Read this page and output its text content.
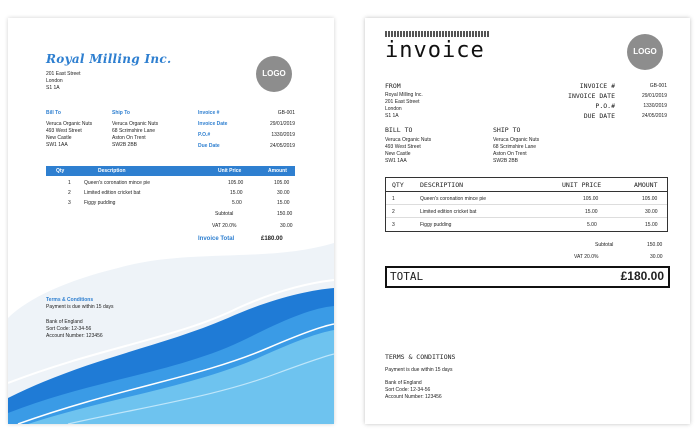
Royal Milling Inc.
201 East Street
London
S1 1A
LOGO
Bill To
Veruca Organic Nuts
493 West Street
New Castle
SW1 1AA
Ship To
Veruca Organic Nuts
68 Scrimshire Lane
Aston On Trent
SW2B 2BB
Invoice #	GB-001
Invoice Date	29/01/2019
P.O.#	1330/2019
Due Date	24/05/2019
Qty	Description	Unit Price	Amount
1	Queen's coronation mince pie	105.00	105.00
2	Limited edition cricket bat	15.00	30.00
3	Figgy pudding	5.00	15.00
Subtotal	150.00
VAT 20.0%	30.00
Invoice Total	£180.00
Terms & Conditions
Payment is due within 15 days
Bank of England
Sort Code: 12-34-56
Account Number: 123456
invoice	LOGO
FROM
Royal Milling Inc.
201 East Street
London
S1 1A
INVOICE #	GB-001
INVOICE DATE	29/01/2019
P.O.#	1330/2019
DUE DATE	24/05/2019
BILL TO
Veruca Organic Nuts
493 West Street
New Castle
SW1 1AA
SHIP TO
Veruca Organic Nuts
68 Scrimshire Lane
Aston On Trent
SW2B 2BB
QTY	DESCRIPTION	UNIT PRICE	AMOUNT
1	Queen's coronation mince pie	105.00	105.00
2	Limited edition cricket bat	15.00	30.00
3	Figgy pudding	5.00	15.00
Subtotal	150.00
VAT 20.0%	30.00
TOTAL	£180.00
TERMS & CONDITIONS
Payment is due within 15 days
Bank of England
Sort Code: 12-34-56
Account Number: 123456
